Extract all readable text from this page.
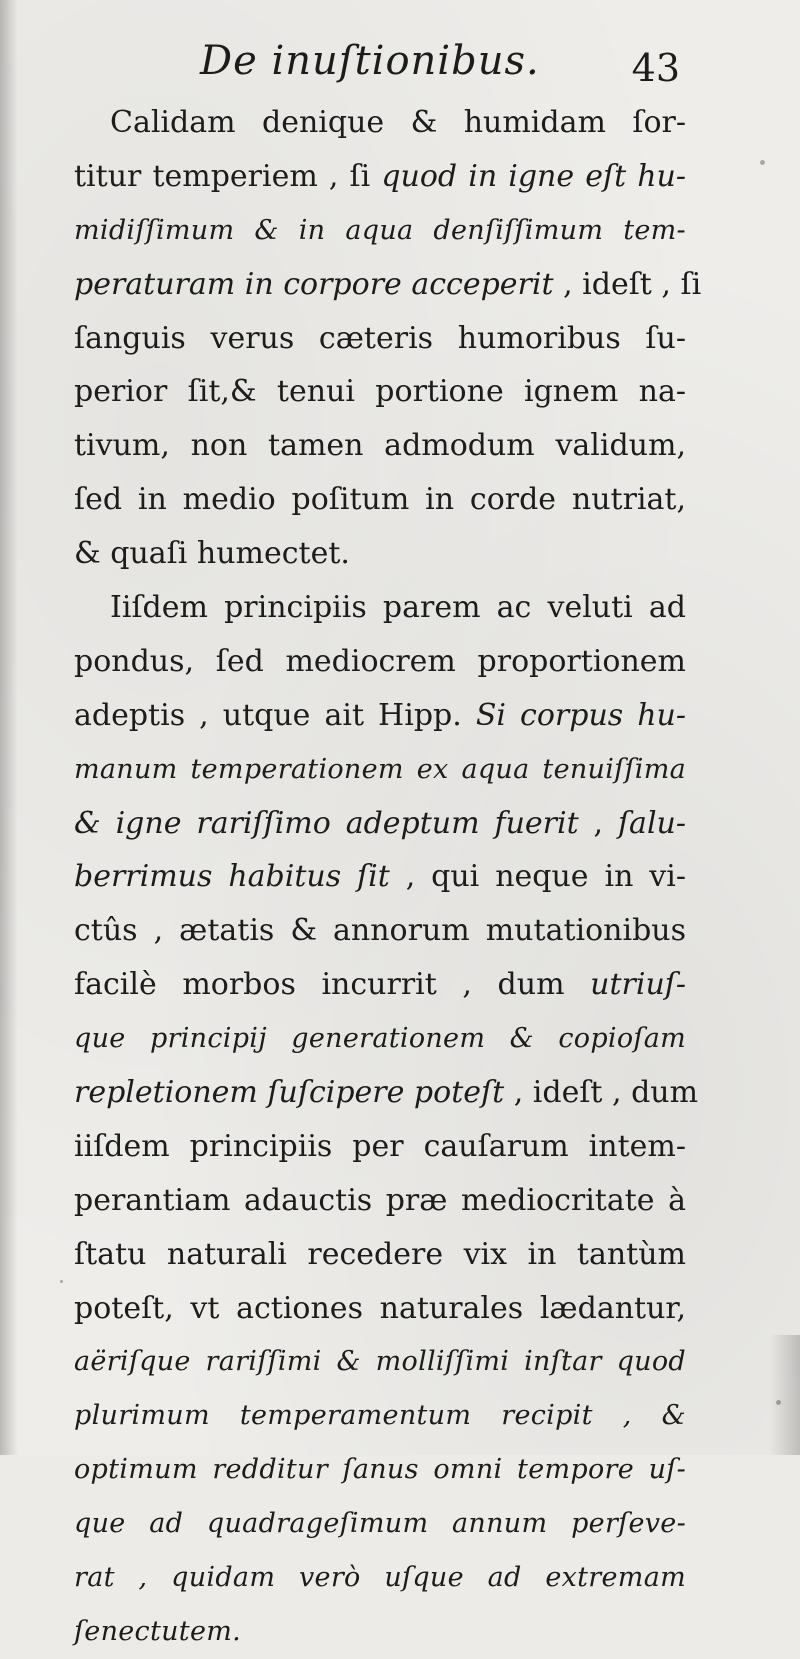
De inuſtionibus. 43
Calidam denique & humidam ſor-
titur temperiem , ſi quod in igne eſt hu-
midiſſimum & in aqua denſiſſimum tem-
peraturam in corpore acceperit , ideſt , ſi
ſanguis verus cæteris humoribus ſu-
perior ſit,& tenui portione ignem na-
tivum, non tamen admodum validum,
ſed in medio poſitum in corde nutriat,
& quaſi humectet.
Iiſdem principiis parem ac veluti ad
pondus, ſed mediocrem proportionem
adeptis , utque ait Hipp. Si corpus hu-
manum temperationem ex aqua tenuiſſima
& igne rariſſimo adeptum fuerit , ſalu-
berrimus habitus ſit , qui neque in vi-
ctûs , ætatis & annorum mutationibus
facilè morbos incurrit , dum utriuſ-
que principij generationem & copioſam
repletionem ſuſcipere poteſt , ideſt , dum
iiſdem principiis per cauſarum intem-
perantiam adauctis præ mediocritate à
ſtatu naturali recedere vix in tantùm
poteſt, vt actiones naturales lædantur,
aëriſque rariſſimi & molliſſimi inſtar quod
plurimum temperamentum recipit , &
optimum redditur ſanus omni tempore uſ-
que ad quadrageſimum annum perſeve-
rat , quidam verò uſque ad extremam
ſenectutem.
